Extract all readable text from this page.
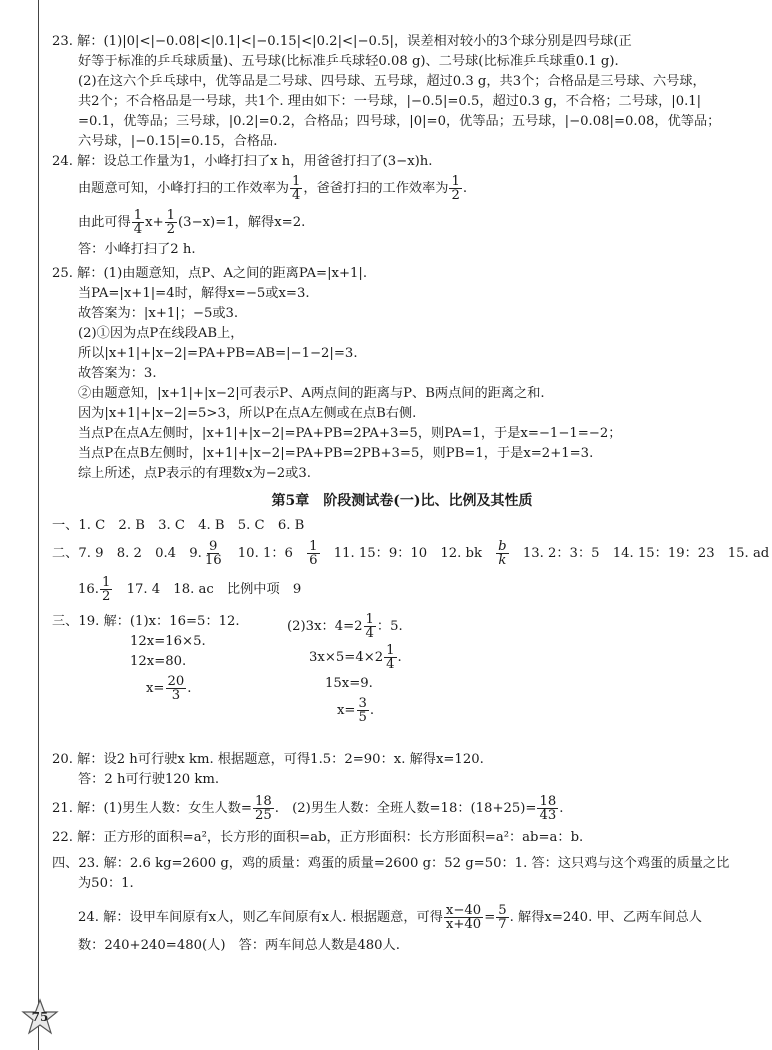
23. 解：(1)|0|<|−0.08|<|0.1|<|−0.15|<|0.2|<|−0.5|，误差相对较小的3个球分别是四号球(正
好等于标准的乒乓球质量)、五号球(比标准乒乓球轻0.08 g)、二号球(比标准乒乓球重0.1 g).
(2)在这六个乒乓球中，优等品是二号球、四号球、五号球，超过0.3 g，共3个；合格品是三号球、六号球，
共2个；不合格品是一号球，共1个. 理由如下：一号球，|−0.5|=0.5，超过0.3 g，不合格；二号球，|0.1|
=0.1，优等品；三号球，|0.2|=0.2，合格品；四号球，|0|=0，优等品；五号球，|−0.08|=0.08，优等品；
六号球，|−0.15|=0.15，合格品.
24. 解：设总工作量为1，小峰打扫了x h，用爸爸打扫了(3−x)h.
由题意可知，小峰打扫的工作效率为 $\frac{1}{4}$ ，爸爸打扫的工作效率为 $\frac{1}{2}$ .
由此可得 $\frac{1}{4} x+ \frac{1}{2} (3-x)=1$，解得x=2.
答：小峰打扫了2 h.
25. 解：(1)由题意知，点P、A之间的距离PA=|x+1|.
当PA=|x+1|=4时，解得x=−5或x=3.
故答案为：|x+1|；−5或3.
(2)①因为点P在线段AB上，
所以|x+1|+|x−2|=PA+PB=AB=|−1−2|=3.
故答案为：3.
②由题意知，|x+1|+|x−2|可表示P、A两点间的距离与P、B两点间的距离之和.
因为|x+1|+|x−2|=5>3，所以P在点A左侧或在点B右侧.
当点P在点A左侧时，|x+1|+|x−2|=PA+PB=2PA+3=5，则PA=1，于是x=−1−1=−2；
当点P在点B左侧时，|x+1|+|x−2|=PA+PB=2PB+3=5，则PB=1，于是x=2+1=3.
综上所述，点P表示的有理数x为−2或3.
第5章　阶段测试卷(一)比、比例及其性质
一、1. C　2. B　3. C　4. B　5. C　6. B
二、7. 9　8. 2　0.4　9. $\frac{9}{16}$
　 10. 1：6　 $\frac{1}{6}$
　 11. 15：9：10　12. bk　 $\frac{b}{k}$
　 13. 2：3：5　14. 15：19：23　15. ad
16. $\frac{1}{2}$
　 17. 4　18. ac　比例中项　9
三、19. 解：(1)x：16=5：12.
12x=16×5.
12x=80.
$x= \frac{20}{3}$ .
(2)3x：$4=2 \frac{1}{4}$ ：5.
$3x\times 5=4\times 2 \frac{1}{4}$ .
15x=9.
$x= \frac{3}{5}$ .
20. 解：设2 h可行驶x km. 根据题意，可得1.5：2=90：x. 解得x=120.
答：2 h可行驶120 km.
21. 解：(1)男生人数：女生人数= $\frac{18}{25}$ .　(2)男生人数：全班人数=18：$(18+25)= \frac{18}{43}$ .
22. 解：正方形的面积=a²，长方形的面积=ab，正方形面积：长方形面积=a²：ab=a：b.
四、23. 解：2.6 kg=2600 g，鸡的质量：鸡蛋的质量=2600 g：52 g=50：1. 答：这只鸡与这个鸡蛋的质量之比
为50：1.
24. 解：设甲车间原有x人，则乙车间原有x人. 根据题意，可得 $\frac{x-40}{x+40} = \frac{5}{7}$ . 解得x=240. 甲、乙两车间总人
数：240+240=480(人)　答：两车间总人数是480人.
75
